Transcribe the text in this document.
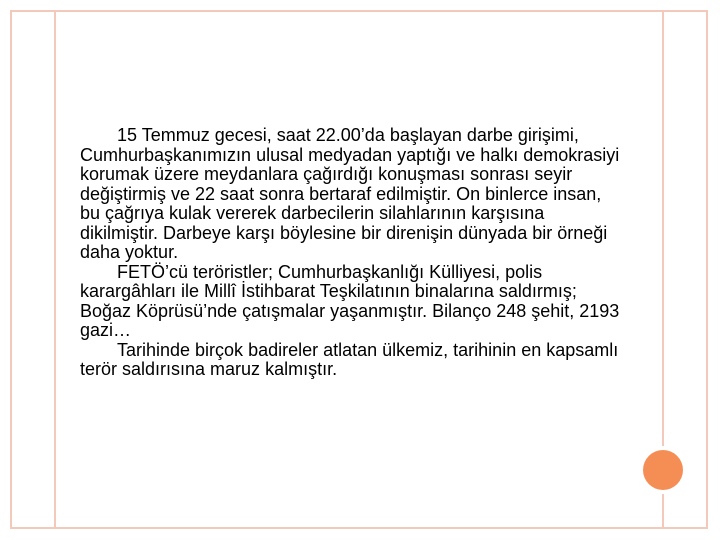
15 Temmuz gecesi, saat 22.00’da başlayan darbe girişimi, Cumhurbaşkanımızın ulusal medyadan yaptığı ve halkı demokrasiyi korumak üzere meydanlara çağırdığı konuşması sonrası seyir değiştirmiş ve 22 saat sonra bertaraf edilmiştir. On binlerce insan, bu çağrıya kulak vererek darbecilerin silahlarının karşısına dikilmiştir. Darbeye karşı böylesine bir direnişin dünyada bir örneği daha yoktur.

FETÖ’cü teröristler; Cumhurbaşkanlığı Külliyesi, polis karargâhları ile Millî İstihbarat Teşkilatının binalarına saldırmış; Boğaz Köprüsü’nde çatışmalar yaşanmıştır. Bilanço 248 şehit, 2193 gazi…

Tarihinde birçok badireler atlatan ülkemiz, tarihinin en kapsamlı terör saldırısına maruz kalmıştır.
